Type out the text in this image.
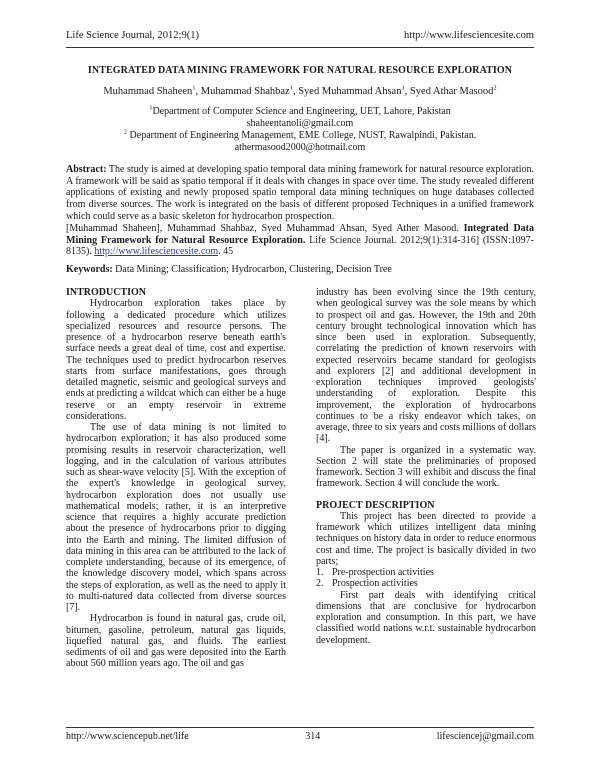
Life Science Journal, 2012;9(1)	http://www.lifesciencesite.com
INTEGRATED DATA MINING FRAMEWORK FOR NATURAL RESOURCE EXPLORATION
Muhammad Shaheen$^1$, Muhammad Shahbaz$^1$, Syed Muhammad Ahsan$^1$, Syed Athar Masood$^2$
$^1$Department of Computer Science and Engineering, UET, Lahore, Pakistan
shaheentanoli@gmail.com
$^2$ Department of Engineering Management, EME College, NUST, Rawalpindi, Pakistan.
athermasood2000@hotmail.com

Abstract: The study is aimed at developing spatio temporal data mining framework for natural resource exploration. A framework will be said as spatio temporal if it deals with changes in space over time. The study revealed different applications of existing and newly proposed spatio temporal data mining techniques on huge databases collected from diverse sources. The work is integrated on the basis of different proposed Techniques in a unified framework which could serve as a basic skeleton for hydrocarbon prospection.

[Muhammad Shaheen], Muhammad Shahbaz, Syed Muhammad Ahsan, Syed Ather Masood. Integrated Data Mining Framework for Natural Resource Exploration. Life Science Journal. 2012;9(1):314-316] (ISSN:1097-8135). http://www.lifesciencesite.com. 45

Keywords: Data Mining; Classification; Hydrocarbon, Clustering, Decision Tree

INTRODUCTION

Hydrocarbon exploration takes place by following a dedicated procedure which utilizes specialized resources and resource persons. The presence of a hydrocarbon reserve beneath earth's surface needs a great deal of time, cost and expertise. The techniques used to predict hydrocarbon reserves starts from surface manifestations, goes through detailed magnetic, seismic and geological surveys and ends at predicting a wildcat which can either be a huge reserve or an empty reservoir in extreme considerations.

The use of data mining is not limited to hydrocarbon exploration; it has also produced some promising results in reservoir characterization, well logging, and in the calculation of various attributes such as shear-wave velocity [5]. With the exception of the expert's knowledge in geological survey, hydrocarbon exploration does not usually use mathematical models; rather, it is an interpretive science that requires a highly accurate prediction about the presence of hydrocarbons prior to digging into the Earth and mining. The limited diffusion of data mining in this area can be attributed to the lack of complete understanding, because of its emergence, of the knowledge discovery model, which spans across the steps of exploration, as well as the need to apply it to multi-natured data collected from diverse sources [7].

Hydrocarbon is found in natural gas, crude oil, bitumen, gasoline, petroleum, natural gas liquids, liquefied natural gas, and fluids. The earliest sediments of oil and gas were deposited into the Earth about 560 million years ago. The oil and gas

industry has been evolving since the 19th century, when geological survey was the sole means by which to prospect oil and gas. However, the 19th and 20th century brought technological innovation which has since been used in exploration. Subsequently, correlating the prediction of known reservoirs with expected reservoirs became standard for geologists and explorers [2] and additional development in exploration techniques improved geologists' understanding of exploration. Despite this improvement, the exploration of hydrocarbons continues to be a risky endeavor which takes, on average, three to six years and costs millions of dollars [4].

The paper is organized in a systematic way. Section 2 will state the preliminaries of proposed framework. Section 3 will exhibit and discuss the final framework. Section 4 will conclude the work.

PROJECT DESCRIPTION

This project has been directed to provide a framework which utilizes intelligent data mining techniques on history data in order to reduce enormous cost and time. The project is basically divided in two parts;

1. Pre-prospection activities
2. Prospection activities

First part deals with identifying critical dimensions that are conclusive for hydrocarbon exploration and consumption. In this part, we have classified world nations w.r.t. sustainable hydrocarbon development.

http://www.sciencepub.net/life	314	lifesciencej@gmail.com
